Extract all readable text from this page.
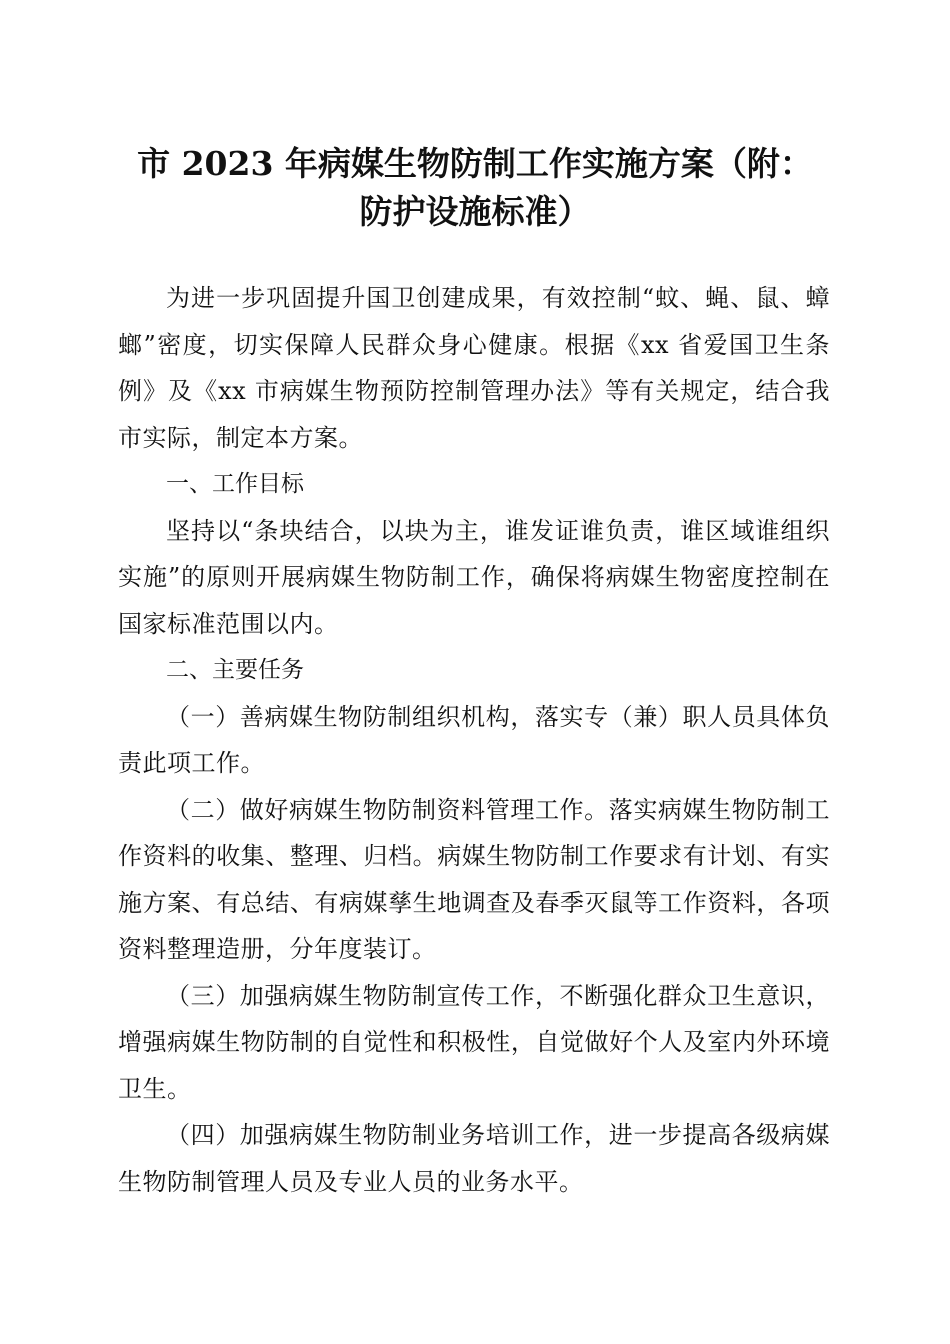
市 2023 年病媒生物防制工作实施方案（附：
防护设施标准）

为进一步巩固提升国卫创建成果，有效控制“蚊、蝇、鼠、蟑螂”密度，切实保障人民群众身心健康。根据《xx 省爱国卫生条例》及《xx 市病媒生物预防控制管理办法》等有关规定，结合我市实际，制定本方案。

一、工作目标

坚持以“条块结合，以块为主，谁发证谁负责，谁区域谁组织实施”的原则开展病媒生物防制工作，确保将病媒生物密度控制在国家标准范围以内。

二、主要任务

（一）善病媒生物防制组织机构，落实专（兼）职人员具体负责此项工作。

（二）做好病媒生物防制资料管理工作。落实病媒生物防制工作资料的收集、整理、归档。病媒生物防制工作要求有计划、有实施方案、有总结、有病媒孳生地调查及春季灭鼠等工作资料，各项资料整理造册，分年度装订。

（三）加强病媒生物防制宣传工作，不断强化群众卫生意识，增强病媒生物防制的自觉性和积极性，自觉做好个人及室内外环境卫生。

（四）加强病媒生物防制业务培训工作，进一步提高各级病媒生物防制管理人员及专业人员的业务水平。
